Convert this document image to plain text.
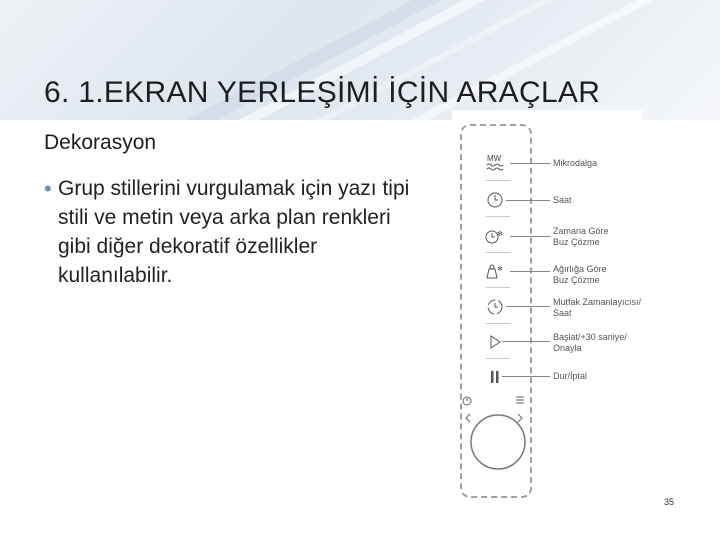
6. 1.EKRAN YERLEŞİMİ İÇİN ARAÇLAR
Dekorasyon
• Grup stillerini vurgulamak için yazı tipi stili ve metin veya arka plan renkleri gibi diğer dekoratif özellikler kullanılabilir.
MW
✻
✻
Mikrodalga
Saat
Zamana Göre
Buz Çözme
Ağırlığa Göre
Buz Çözme
Mutfak Zamanlayıcısı/
Saat
Başlat/+30 saniye/
Onayla
Dur/İptal
35
